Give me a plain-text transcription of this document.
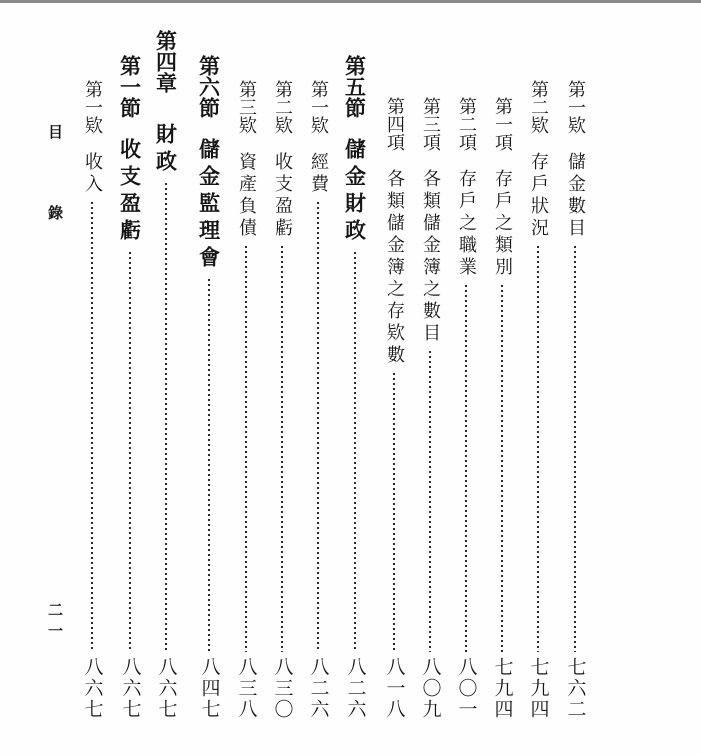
目
錄
二一
第一欵
儲金數目
七六二
第二欵
存戶狀況
七九四
第一項
存戶之類別
七九四
第二項
存戶之職業
八〇一
第三項
各類儲金簿之數目
八〇九
第四項
各類儲金簿之存欵數
八一八
第五節
儲金財政
八二六
第一欵
經費
八二六
第二欵
收支盈虧
八三〇
第三欵
資產負債
八三八
第六節
儲金監理會
八四七
第四章
財政
八六七
第一節
收支盈虧
八六七
第一欵
收入
八六七
